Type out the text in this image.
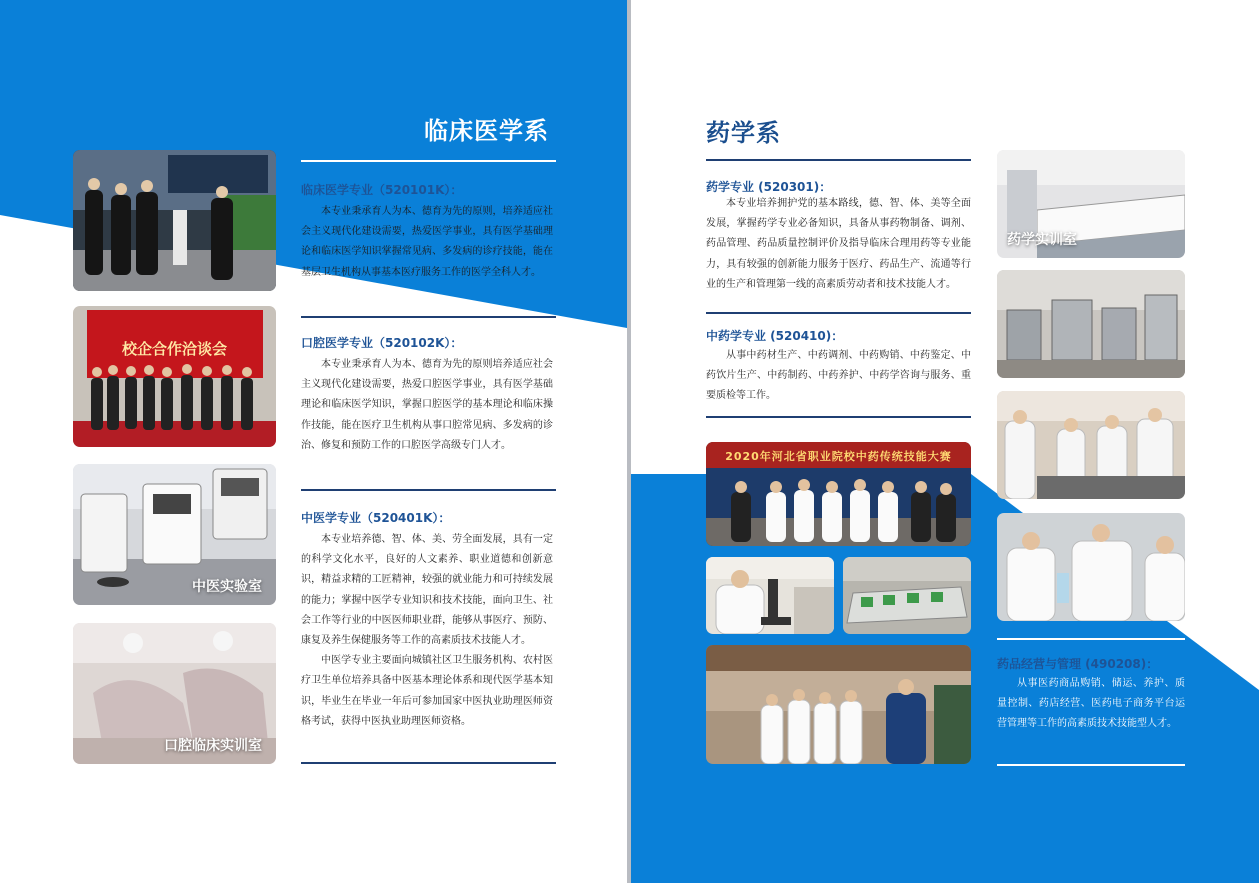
临床医学系
临床医学专业（520101K）：

本专业秉承育人为本、德育为先的原则，培养适应社会主义现代化建设需要，热爱医学事业，具有医学基础理论和临床医学知识掌握常见病、多发病的诊疗技能，能在基层卫生机构从事基本医疗服务工作的医学全科人才。

口腔医学专业（520102K）：

本专业秉承育人为本、德育为先的原则培养适应社会主义现代化建设需要，热爱口腔医学事业，具有医学基础理论和临床医学知识，掌握口腔医学的基本理论和临床操作技能，能在医疗卫生机构从事口腔常见病、多发病的诊治、修复和预防工作的口腔医学高级专门人才。

中医学专业（520401K）：

本专业培养德、智、体、美、劳全面发展，具有一定的科学文化水平，良好的人文素养、职业道德和创新意识，精益求精的工匠精神，较强的就业能力和可持续发展的能力；掌握中医学专业知识和技术技能，面向卫生、社会工作等行业的中医医师职业群，能够从事医疗、预防、康复及养生保健服务等工作的高素质技术技能人才。

中医学专业主要面向城镇社区卫生服务机构、农村医疗卫生单位培养具备中医基本理论体系和现代医学基本知识，毕业生在毕业一年后可参加国家中医执业助理医师资格考试，获得中医执业助理医师资格。

校企合作洽谈会
中医实验室
口腔临床实训室
药学系
药学专业 (520301)：

本专业培养拥护党的基本路线，德、智、体、美等全面发展，掌握药学专业必备知识，具备从事药物制备、调剂、药品管理、药品质量控制评价及指导临床合理用药等专业能力，具有较强的创新能力服务于医疗、药品生产、流通等行业的生产和管理第一线的高素质劳动者和技术技能人才。

中药学专业 (520410)：

从事中药材生产、中药调剂、中药购销、中药鉴定、中药饮片生产、中药制药、中药养护、中药学咨询与服务、重要质检等工作。

药品经营与管理 (490208)：

从事医药商品购销、储运、养护、质量控制、药店经营、医药电子商务平台运营管理等工作的高素质技术技能型人才。

药学实训室
2020年河北省职业院校中药传统技能大赛
